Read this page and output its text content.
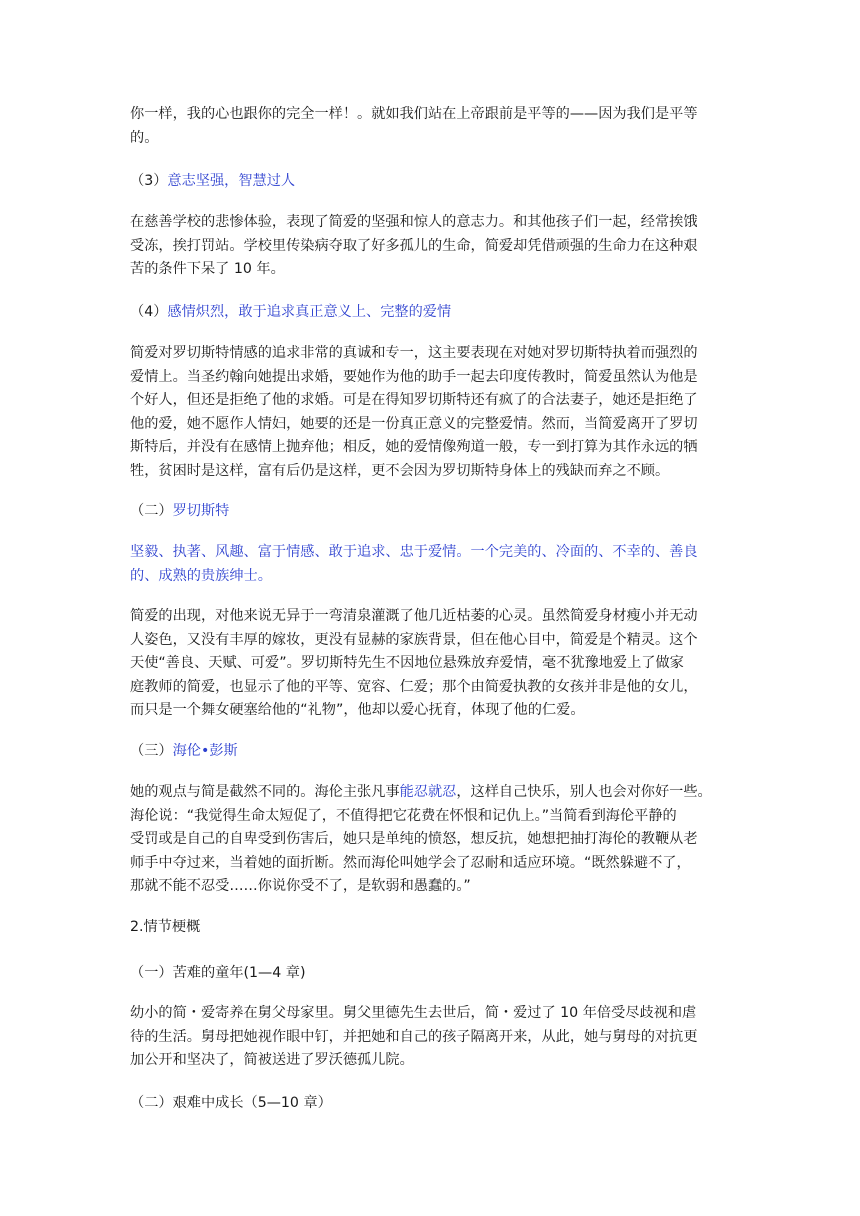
你一样，我的心也跟你的完全一样！。就如我们站在上帝跟前是平等的——因为我们是平等
的。
（3）意志坚强，智慧过人
在慈善学校的悲惨体验，表现了简爱的坚强和惊人的意志力。和其他孩子们一起，经常挨饿
受冻，挨打罚站。学校里传染病夺取了好多孤儿的生命，简爱却凭借顽强的生命力在这种艰
苦的条件下呆了 10 年。
（4）感情炽烈，敢于追求真正意义上、完整的爱情
简爱对罗切斯特情感的追求非常的真诚和专一，这主要表现在对她对罗切斯特执着而强烈的
爱情上。当圣约翰向她提出求婚，要她作为他的助手一起去印度传教时，简爱虽然认为他是
个好人，但还是拒绝了他的求婚。可是在得知罗切斯特还有疯了的合法妻子，她还是拒绝了
他的爱，她不愿作人情妇，她要的还是一份真正意义的完整爱情。然而，当简爱离开了罗切
斯特后，并没有在感情上抛弃他；相反，她的爱情像殉道一般，专一到打算为其作永远的牺
牲，贫困时是这样，富有后仍是这样，更不会因为罗切斯特身体上的残缺而弃之不顾。
（二）罗切斯特
坚毅、执著、风趣、富于情感、敢于追求、忠于爱情。一个完美的、冷面的、不幸的、善良
的、成熟的贵族绅士。
简爱的出现，对他来说无异于一弯清泉灌溉了他几近枯萎的心灵。虽然简爱身材瘦小并无动
人姿色，又没有丰厚的嫁妆，更没有显赫的家族背景，但在他心目中，简爱是个精灵。这个
天使“善良、天赋、可爱”。罗切斯特先生不因地位悬殊放弃爱情，毫不犹豫地爱上了做家
庭教师的简爱，也显示了他的平等、宽容、仁爱；那个由简爱执教的女孩并非是他的女儿，
而只是一个舞女硬塞给他的“礼物”，他却以爱心抚育，体现了他的仁爱。
（三）海伦•彭斯
她的观点与简是截然不同的。海伦主张凡事能忍就忍，这样自己快乐，别人也会对你好一些。
海伦说：“我觉得生命太短促了，不值得把它花费在怀恨和记仇上。”当简看到海伦平静的
受罚或是自己的自卑受到伤害后，她只是单纯的愤怒，想反抗，她想把抽打海伦的教鞭从老
师手中夺过来，当着她的面折断。然而海伦叫她学会了忍耐和适应环境。“既然躲避不了，
那就不能不忍受……你说你受不了，是软弱和愚蠢的。”
2.情节梗概
（一）苦难的童年(1—4 章)
幼小的简・爱寄养在舅父母家里。舅父里德先生去世后，简・爱过了 10 年倍受尽歧视和虐
待的生活。舅母把她视作眼中钉，并把她和自己的孩子隔离开来，从此，她与舅母的对抗更
加公开和坚决了，简被送进了罗沃德孤儿院。
（二）艰难中成长（5—10 章）
